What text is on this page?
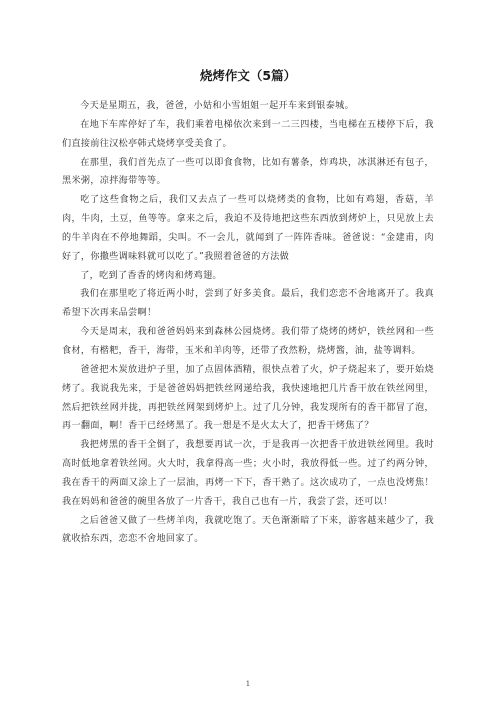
烧烤作文（5篇）

今天是星期五，我，爸爸，小姑和小雪姐姐一起开车来到银泰城。

在地下车库停好了车，我们乘着电梯依次来到一二三四楼，当电梯在五楼停下后，我们直接前往汉松亭韩式烧烤享受美食了。

在那里，我们首先点了一些可以即食食物，比如有薯条，炸鸡块，冰淇淋还有包子，黑米粥，凉拌海带等等。

吃了这些食物之后，我们又去点了一些可以烧烤类的食物，比如有鸡翅，香菇，羊肉，牛肉，土豆，鱼等等。拿来之后，我迫不及待地把这些东西放到烤炉上，只见放上去的牛羊肉在不停地舞蹈，尖叫。不一会儿，就闻到了一阵阵香味。爸爸说：“金建甫，肉好了，你撒些调味料就可以吃了。”我照着爸爸的方法做

了，吃到了香香的烤肉和烤鸡翅。

我们在那里吃了将近两小时，尝到了好多美食。最后，我们恋恋不舍地离开了。我真希望下次再来品尝啊！

今天是周末，我和爸爸妈妈来到森林公园烧烤。我们带了烧烤的烤炉，铁丝网和一些食材，有楷粑，香干，海带，玉米和羊肉等，还带了孜然粉，烧烤酱，油，盐等调料。

爸爸把木炭放进炉子里，加了点固体酒精，很快点着了火，炉子烧起来了，要开始烧烤了。我说我先来，于是爸爸妈妈把铁丝网递给我，我快速地把几片香干放在铁丝网里，然后把铁丝网并拢，再把铁丝网架到烤炉上。过了几分钟，我发现所有的香干都冒了泡，再一翻面，啊！香干已经烤黑了。我一想是不是火太大了，把香干烤焦了？

我把烤黑的香干全倒了，我想要再试一次，于是我再一次把香干放进铁丝网里。我时高时低地拿着铁丝网。火大时，我拿得高一些；火小时，我放得低一些。过了约两分钟，我在香干的两面又涂上了一层油，再烤一下下，香干熟了。这次成功了，一点也没烤焦！我在妈妈和爸爸的碗里各放了一片香干，我自己也有一片，我尝了尝，还可以！

之后爸爸又做了一些烤羊肉，我就吃饱了。天色渐渐暗了下来，游客越来越少了，我就收拾东西，恋恋不舍地回家了。

1
